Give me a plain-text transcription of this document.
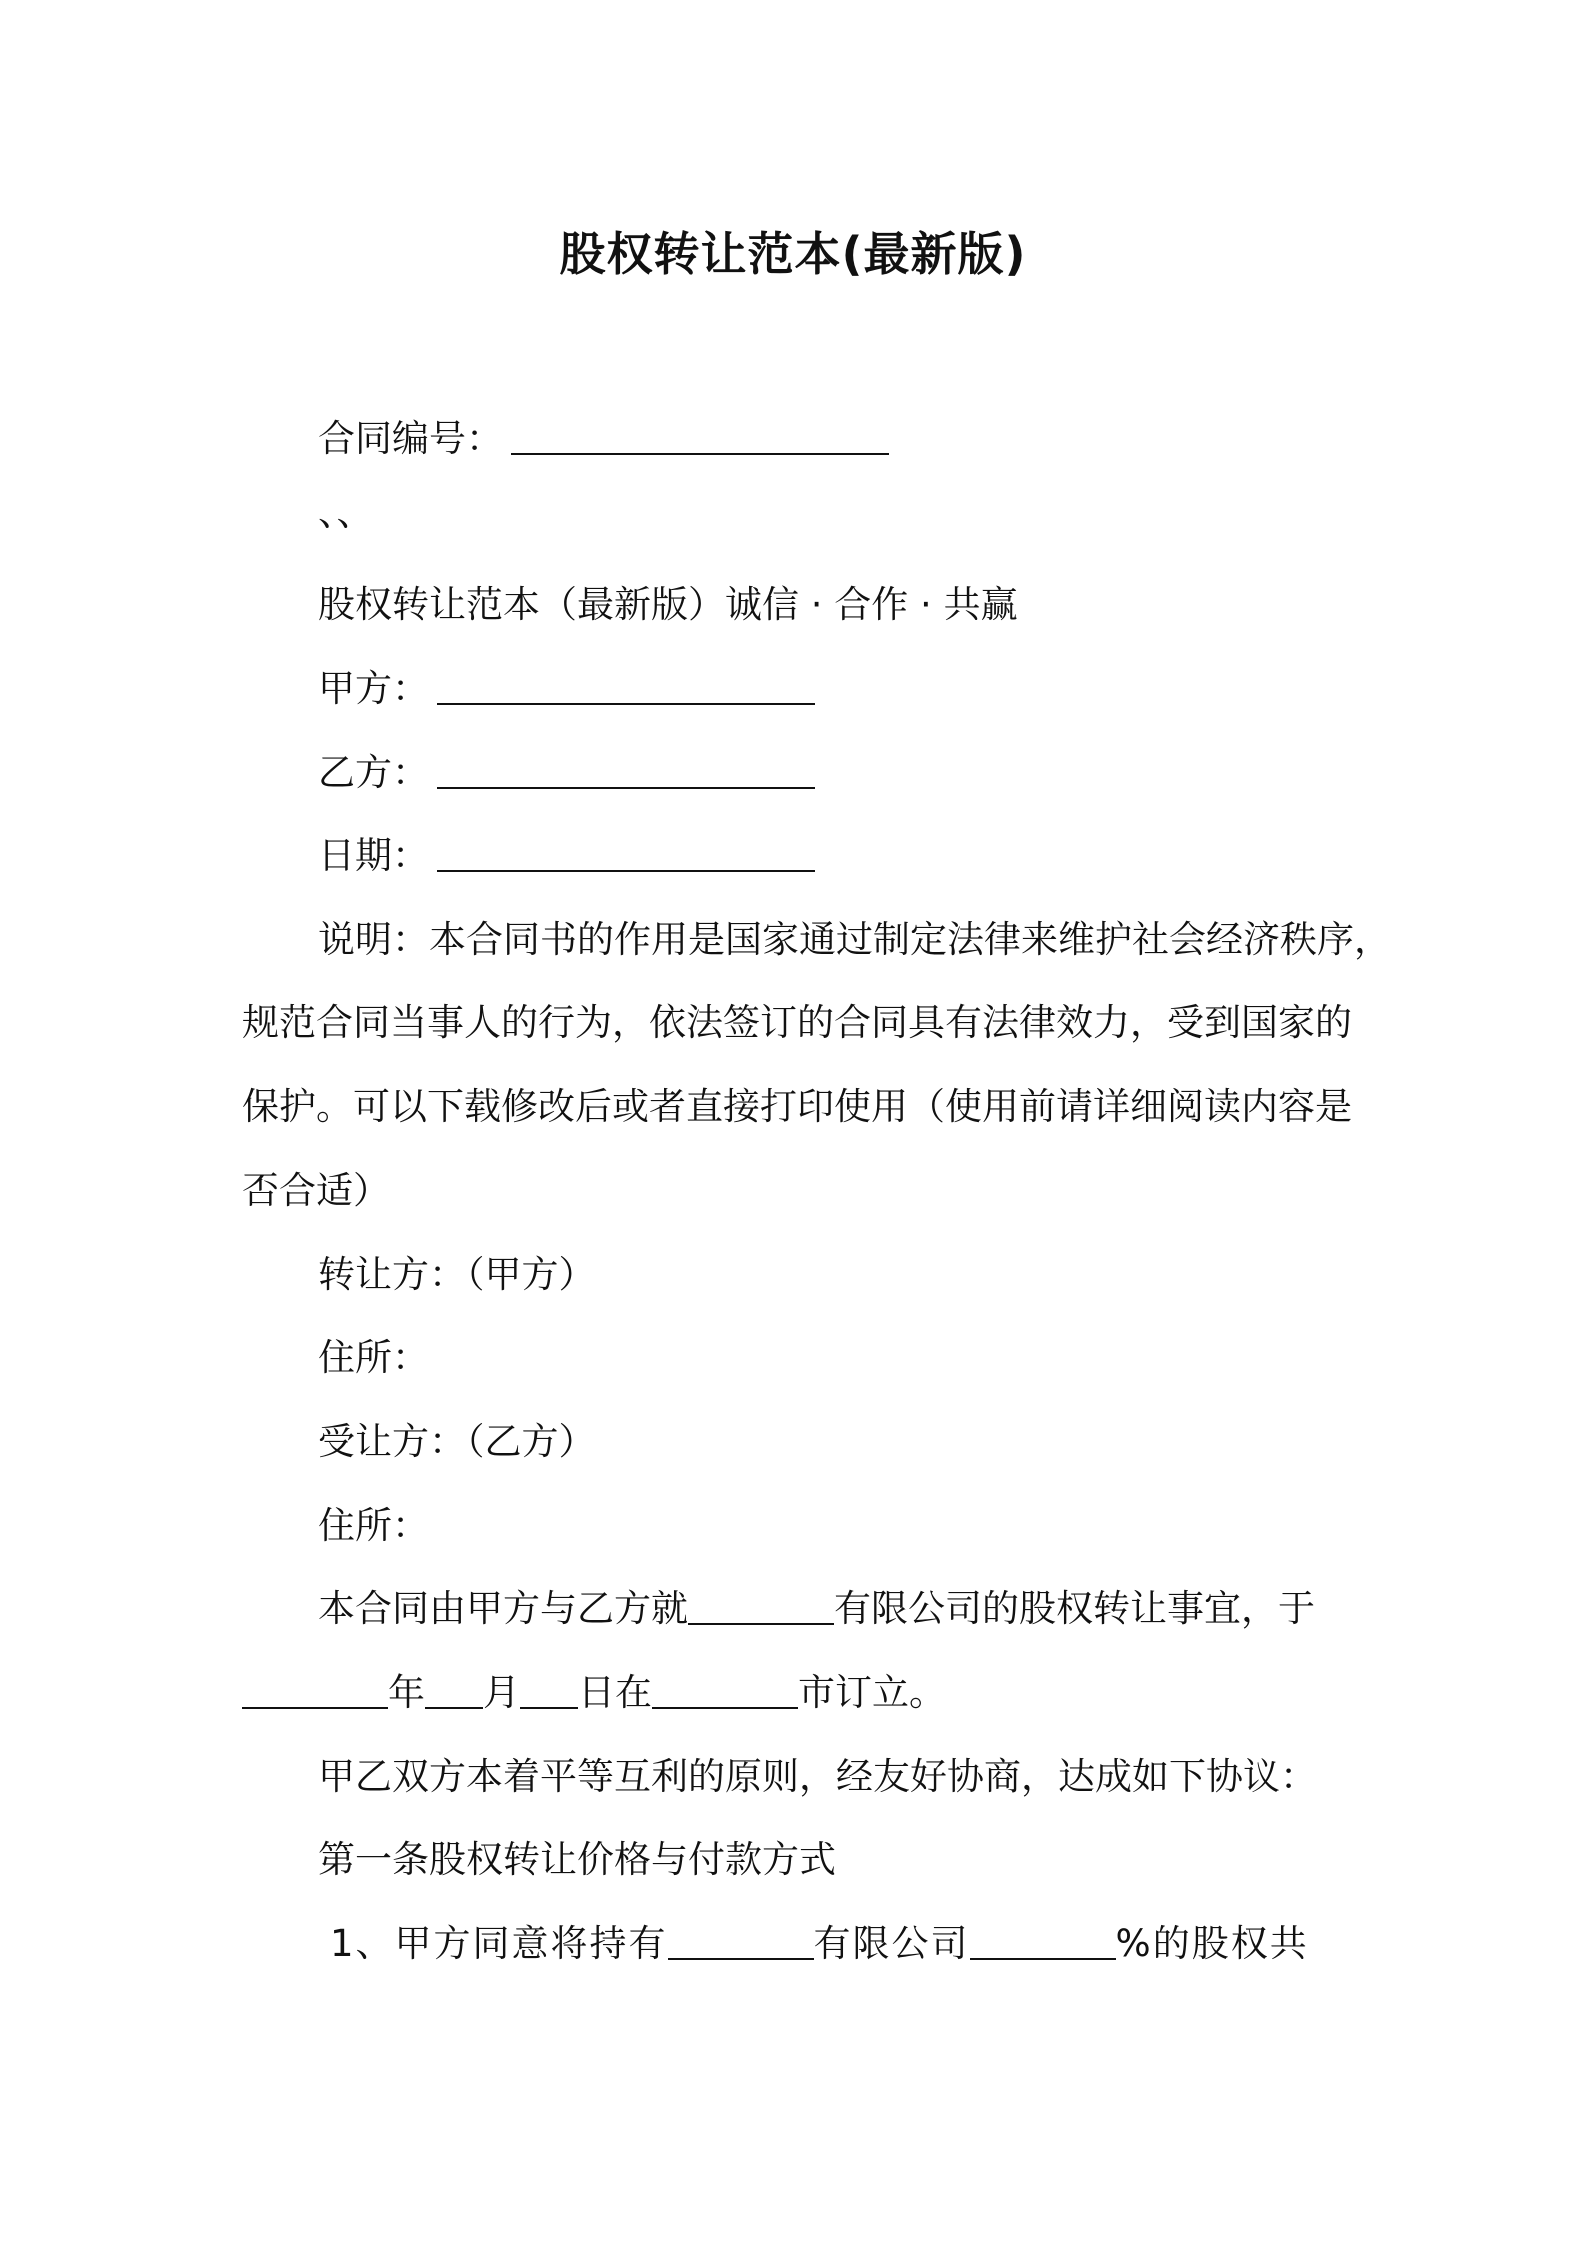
股权转让范本(最新版)
合同编号：
、、
股权转让范本（最新版）诚信 · 合作 · 共赢
甲方：
乙方：
日期：
说明：本合同书的作用是国家通过制定法律来维护社会经济秩序，
规范合同当事人的行为，依法签订的合同具有法律效力，受到国家的
保护。可以下载修改后或者直接打印使用（使用前请详细阅读内容是
否合适）
转让方：（甲方）
住所：
受让方：（乙方）
住所：
本合同由甲方与乙方就	有限公司的股权转让事宜，于
年 月 日在	市订立。
甲乙双方本着平等互利的原则，经友好协商，达成如下协议：
第一条股权转让价格与付款方式
1、甲方同意将持有	有限公司	%的股权共
